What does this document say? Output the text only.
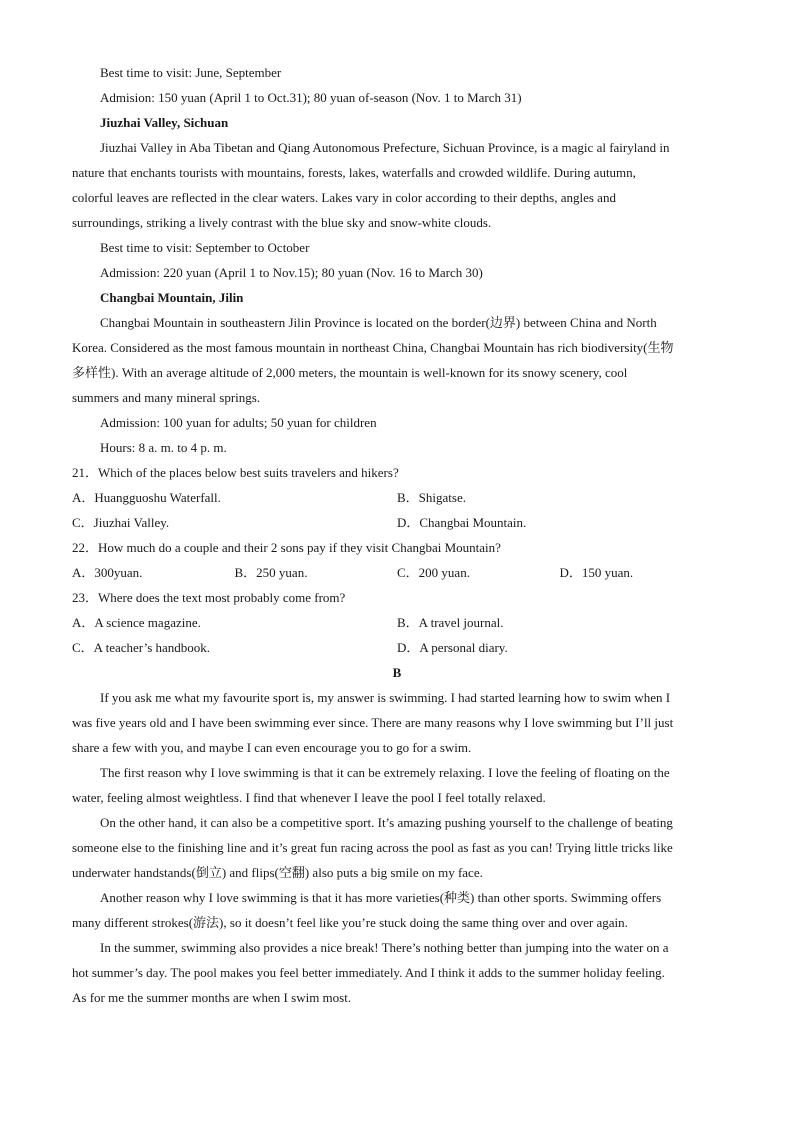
Best time to visit: June, September
Admision: 150 yuan (April 1 to Oct.31); 80 yuan of-season (Nov. 1 to March 31)
Jiuzhai Valley, Sichuan
Jiuzhai Valley in Aba Tibetan and Qiang Autonomous Prefecture, Sichuan Province, is a magic al fairyland in
nature that enchants tourists with mountains, forests, lakes, waterfalls and crowded wildlife. During autumn,
colorful leaves are reflected in the clear waters. Lakes vary in color according to their depths, angles and
surroundings, striking a lively contrast with the blue sky and snow-white clouds.
Best time to visit: September to October
Admission: 220 yuan (April 1 to Nov.15); 80 yuan (Nov. 16 to March 30)
Changbai Mountain, Jilin
Changbai Mountain in southeastern Jilin Province is located on the border(边界) between China and North
Korea. Considered as the most famous mountain in northeast China, Changbai Mountain has rich biodiversity(生物
多样性). With an average altitude of 2,000 meters, the mountain is well-known for its snowy scenery, cool
summers and many mineral springs.
Admission: 100 yuan for adults; 50 yuan for children
Hours: 8 a. m. to 4 p. m.
21．Which of the places below best suits travelers and hikers?
A．Huangguoshu Waterfall.	B．Shigatse.
C．Jiuzhai Valley.	D．Changbai Mountain.
22．How much do a couple and their 2 sons pay if they visit Changbai Mountain?
A．300yuan.	B．250 yuan.	C．200 yuan.	D．150 yuan.
23．Where does the text most probably come from?
A．A science magazine.	B．A travel journal.
C．A teacher’s handbook.	D．A personal diary.
B
If you ask me what my favourite sport is, my answer is swimming. I had started learning how to swim when I
was five years old and I have been swimming ever since. There are many reasons why I love swimming but I’ll just
share a few with you, and maybe I can even encourage you to go for a swim.
The first reason why I love swimming is that it can be extremely relaxing. I love the feeling of floating on the
water, feeling almost weightless. I find that whenever I leave the pool I feel totally relaxed.
On the other hand, it can also be a competitive sport. It’s amazing pushing yourself to the challenge of beating
someone else to the finishing line and it’s great fun racing across the pool as fast as you can! Trying little tricks like
underwater handstands(倒立) and flips(空翻) also puts a big smile on my face.
Another reason why I love swimming is that it has more varieties(种类) than other sports. Swimming offers
many different strokes(游法), so it doesn’t feel like you’re stuck doing the same thing over and over again.
In the summer, swimming also provides a nice break! There’s nothing better than jumping into the water on a
hot summer’s day. The pool makes you feel better immediately. And I think it adds to the summer holiday feeling.
As for me the summer months are when I swim most.
